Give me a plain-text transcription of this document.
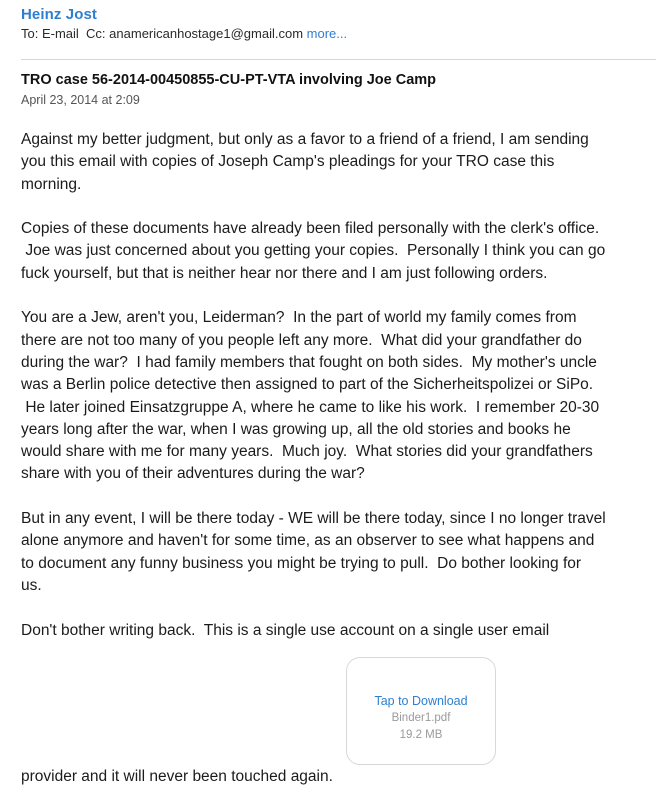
Heinz Jost
To: E-mail Cc: anamericanhostage1@gmail.com more...
TRO case 56-2014-00450855-CU-PT-VTA involving Joe Camp
April 23, 2014 at 2:09

Against my better judgment, but only as a favor to a friend of a friend, I am sending
you this email with copies of Joseph Camp's pleadings for your TRO case this
morning.

Copies of these documents have already been filed personally with the clerk's office.
Joe was just concerned about you getting your copies.  Personally I think you can go
fuck yourself, but that is neither hear nor there and I am just following orders.

You are a Jew, aren't you, Leiderman?  In the part of world my family comes from
there are not too many of you people left any more.  What did your grandfather do
during the war?  I had family members that fought on both sides.  My mother's uncle
was a Berlin police detective then assigned to part of the Sicherheitspolizei or SiPo.
He later joined Einsatzgruppe A, where he came to like his work.  I remember 20-30
years long after the war, when I was growing up, all the old stories and books he
would share with me for many years.  Much joy.  What stories did your grandfathers
share with you of their adventures during the war?

But in any event, I will be there today - WE will be there today, since I no longer travel
alone anymore and haven't for some time, as an observer to see what happens and
to document any funny business you might be trying to pull.  Do bother looking for
us.

Don't bother writing back.  This is a single use account on a single user email

Tap to Download
Binder1.pdf
19.2 MB
provider and it will never been touched again.
